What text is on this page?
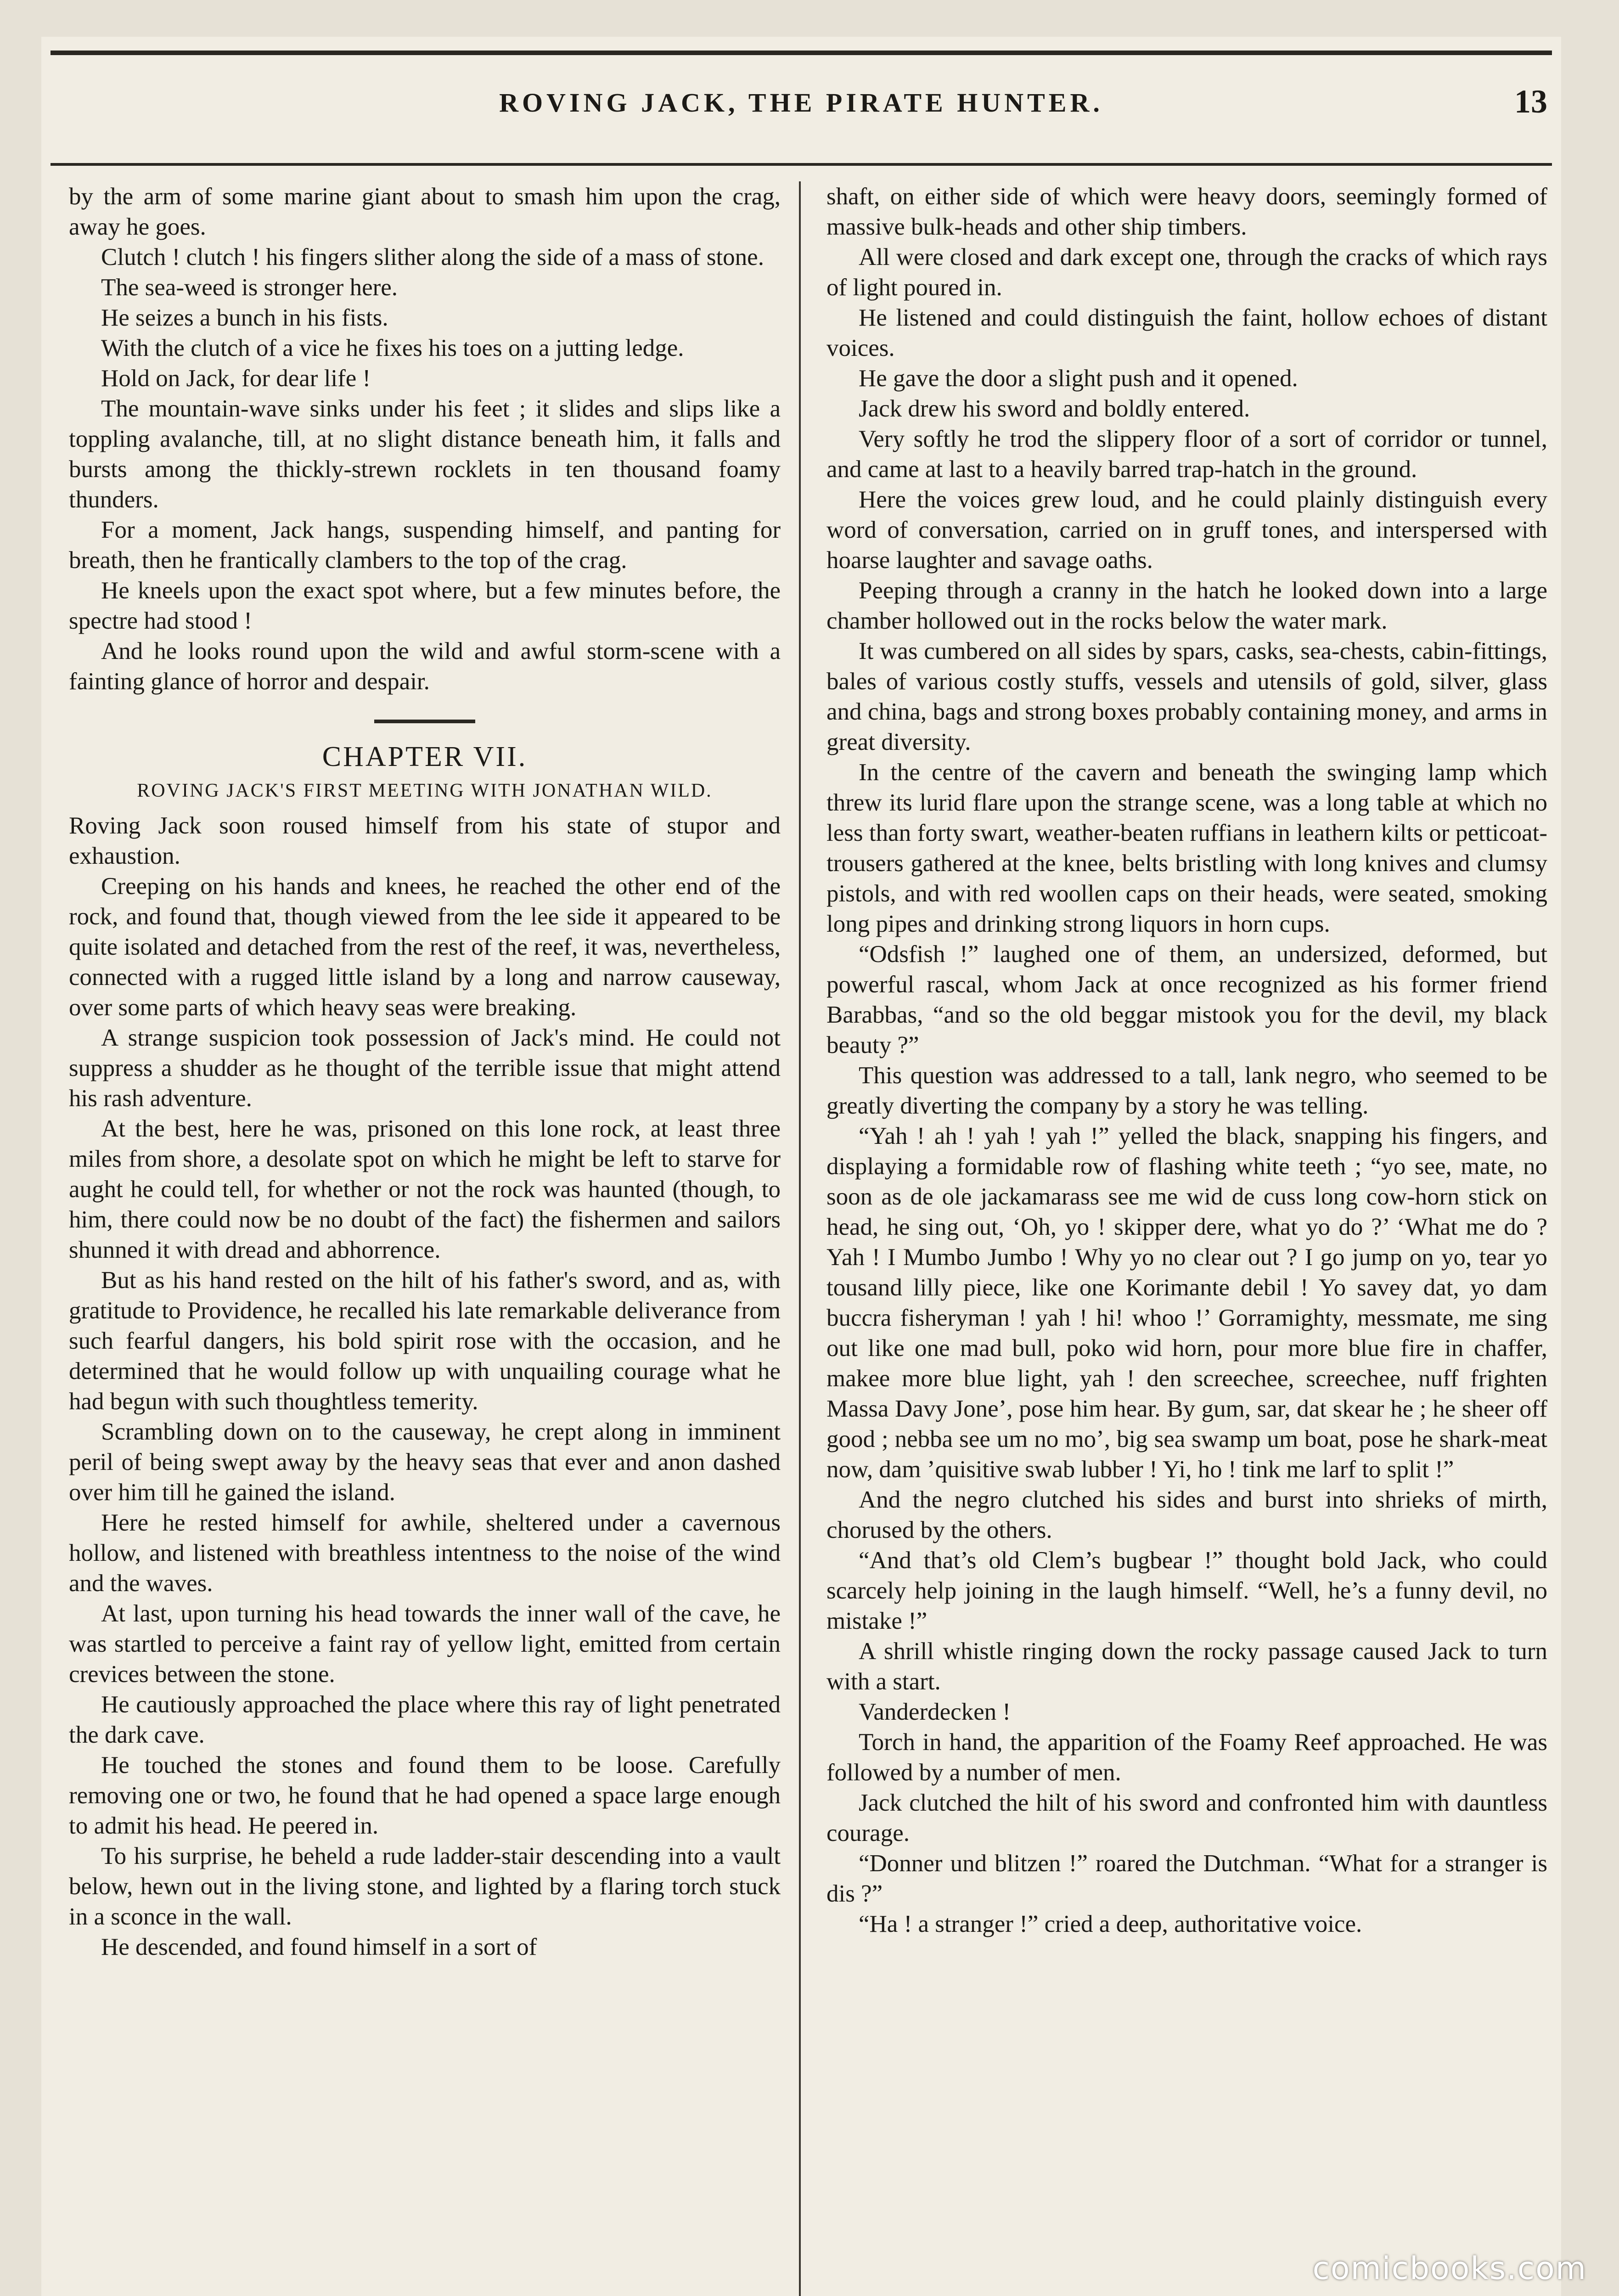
ROVING JACK, THE PIRATE HUNTER.	13

by the arm of some marine giant about to smash him upon the crag, away he goes.

Clutch ! clutch ! his fingers slither along the side of a mass of stone.

The sea-weed is stronger here.

He seizes a bunch in his fists.

With the clutch of a vice he fixes his toes on a jutting ledge.

Hold on Jack, for dear life !

The mountain-wave sinks under his feet ; it slides and slips like a toppling avalanche, till, at no slight distance beneath him, it falls and bursts among the thickly-strewn rocklets in ten thousand foamy thunders.

For a moment, Jack hangs, suspending himself, and panting for breath, then he frantically clambers to the top of the crag.

He kneels upon the exact spot where, but a few minutes before, the spectre had stood !

And he looks round upon the wild and awful storm-scene with a fainting glance of horror and despair.

CHAPTER VII.

ROVING JACK'S FIRST MEETING WITH JONATHAN WILD.

Roving Jack soon roused himself from his state of stupor and exhaustion.

Creeping on his hands and knees, he reached the other end of the rock, and found that, though viewed from the lee side it appeared to be quite isolated and detached from the rest of the reef, it was, nevertheless, connected with a rugged little island by a long and narrow causeway, over some parts of which heavy seas were breaking.

A strange suspicion took possession of Jack's mind. He could not suppress a shudder as he thought of the terrible issue that might attend his rash adventure.

At the best, here he was, prisoned on this lone rock, at least three miles from shore, a desolate spot on which he might be left to starve for aught he could tell, for whether or not the rock was haunted (though, to him, there could now be no doubt of the fact) the fishermen and sailors shunned it with dread and abhorrence.

But as his hand rested on the hilt of his father's sword, and as, with gratitude to Providence, he recalled his late remarkable deliverance from such fearful dangers, his bold spirit rose with the occasion, and he determined that he would follow up with unquailing courage what he had begun with such thoughtless temerity.

Scrambling down on to the causeway, he crept along in imminent peril of being swept away by the heavy seas that ever and anon dashed over him till he gained the island.

Here he rested himself for awhile, sheltered under a cavernous hollow, and listened with breathless intentness to the noise of the wind and the waves.

At last, upon turning his head towards the inner wall of the cave, he was startled to perceive a faint ray of yellow light, emitted from certain crevices between the stone.

He cautiously approached the place where this ray of light penetrated the dark cave.

He touched the stones and found them to be loose. Carefully removing one or two, he found that he had opened a space large enough to admit his head. He peered in.

To his surprise, he beheld a rude ladder-stair descending into a vault below, hewn out in the living stone, and lighted by a flaring torch stuck in a sconce in the wall.

He descended, and found himself in a sort of

shaft, on either side of which were heavy doors, seemingly formed of massive bulk-heads and other ship timbers.

All were closed and dark except one, through the cracks of which rays of light poured in.

He listened and could distinguish the faint, hollow echoes of distant voices.

He gave the door a slight push and it opened.

Jack drew his sword and boldly entered.

Very softly he trod the slippery floor of a sort of corridor or tunnel, and came at last to a heavily barred trap-hatch in the ground.

Here the voices grew loud, and he could plainly distinguish every word of conversation, carried on in gruff tones, and interspersed with hoarse laughter and savage oaths.

Peeping through a cranny in the hatch he looked down into a large chamber hollowed out in the rocks below the water mark.

It was cumbered on all sides by spars, casks, sea-chests, cabin-fittings, bales of various costly stuffs, vessels and utensils of gold, silver, glass and china, bags and strong boxes probably containing money, and arms in great diversity.

In the centre of the cavern and beneath the swinging lamp which threw its lurid flare upon the strange scene, was a long table at which no less than forty swart, weather-beaten ruffians in leathern kilts or petticoat-trousers gathered at the knee, belts bristling with long knives and clumsy pistols, and with red woollen caps on their heads, were seated, smoking long pipes and drinking strong liquors in horn cups.

“Odsfish !” laughed one of them, an undersized, deformed, but powerful rascal, whom Jack at once recognized as his former friend Barabbas, “and so the old beggar mistook you for the devil, my black beauty ?”

This question was addressed to a tall, lank negro, who seemed to be greatly diverting the company by a story he was telling.

“Yah ! ah ! yah ! yah !” yelled the black, snapping his fingers, and displaying a formidable row of flashing white teeth ; “yo see, mate, no soon as de ole jackamarass see me wid de cuss long cow-horn stick on head, he sing out, ‘Oh, yo ! skipper dere, what yo do ?’ ‘What me do ? Yah ! I Mumbo Jumbo ! Why yo no clear out ? I go jump on yo, tear yo tousand lilly piece, like one Korimante debil ! Yo savey dat, yo dam buccra fisheryman ! yah ! hi! whoo !’ Gorramighty, messmate, me sing out like one mad bull, poko wid horn, pour more blue fire in chaffer, makee more blue light, yah ! den screechee, screechee, nuff frighten Massa Davy Jone’, pose him hear. By gum, sar, dat skear he ; he sheer off good ; nebba see um no mo’, big sea swamp um boat, pose he shark-meat now, dam ’quisitive swab lubber ! Yi, ho ! tink me larf to split !”

And the negro clutched his sides and burst into shrieks of mirth, chorused by the others.

“And that’s old Clem’s bugbear !” thought bold Jack, who could scarcely help joining in the laugh himself. “Well, he’s a funny devil, no mistake !”

A shrill whistle ringing down the rocky passage caused Jack to turn with a start.

Vanderdecken !

Torch in hand, the apparition of the Foamy Reef approached. He was followed by a number of men.

Jack clutched the hilt of his sword and confronted him with dauntless courage.

“Donner und blitzen !” roared the Dutchman. “What for a stranger is dis ?”

“Ha ! a stranger !” cried a deep, authoritative voice.

comicbooks.com
